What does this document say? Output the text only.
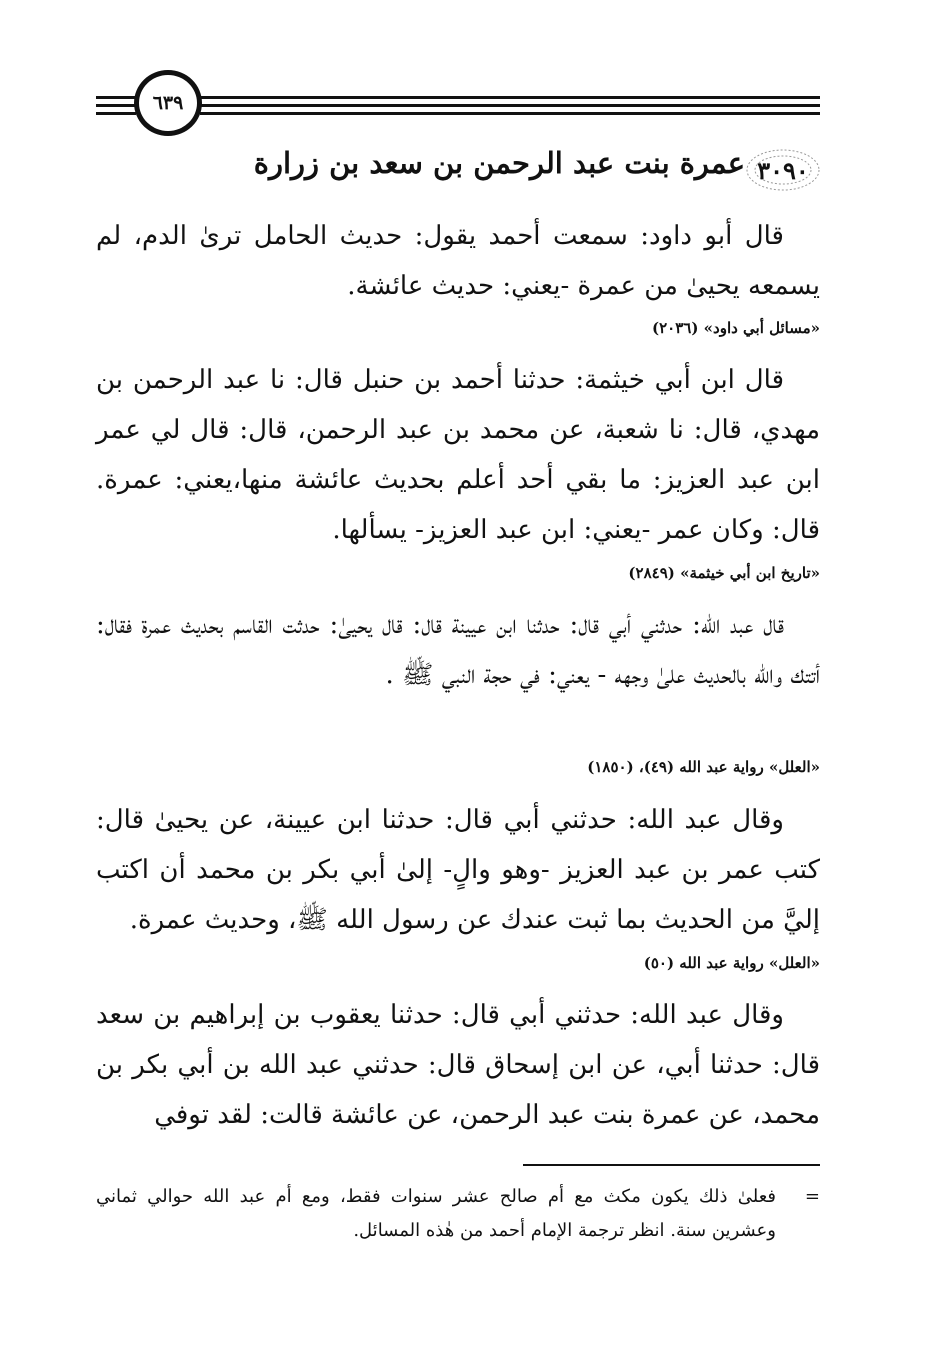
٦٣٩
٣٠٩٠
عمرة بنت عبد الرحمن بن سعد بن زرارة

قال أبو داود: سمعت أحمد يقول: حديث الحامل ترىٰ الدم، لم يسمعه يحيىٰ من عمرة -يعني: حديث عائشة.

«مسائل أبي داود» (٢٠٣٦)

قال ابن أبي خيثمة: حدثنا أحمد بن حنبل قال: نا عبد الرحمن بن مهدي، قال: نا شعبة، عن محمد بن عبد الرحمن، قال: قال لي عمر ابن عبد العزيز: ما بقي أحد أعلم بحديث عائشة منها،يعني: عمرة. قال: وكان عمر -يعني: ابن عبد العزيز- يسألها.

«تاريخ ابن أبي خيثمة» (٢٨٤٩)

قال عبد الله: حدثني أبي قال: حدثنا ابن عيينة قال: قال يحيىٰ: حدثت القاسم بحديث عمرة فقال: أتتك والله بالحديث علىٰ وجهه - يعني: في حجة النبي ﷺ .

«العلل» رواية عبد الله (٤٩)، (١٨٥٠)

وقال عبد الله: حدثني أبي قال: حدثنا ابن عيينة، عن يحيىٰ قال: كتب عمر بن عبد العزيز -وهو والٍ- إلىٰ أبي بكر بن محمد أن اكتب إليَّ من الحديث بما ثبت عندك عن رسول الله ﷺ، وحديث عمرة.

«العلل» رواية عبد الله (٥٠)

وقال عبد الله: حدثني أبي قال: حدثنا يعقوب بن إبراهيم بن سعد قال: حدثنا أبي، عن ابن إسحاق قال: حدثني عبد الله بن أبي بكر بن محمد، عن عمرة بنت عبد الرحمن، عن عائشة قالت: لقد توفي

=
فعلىٰ ذلك يكون مكث مع أم صالح عشر سنوات فقط، ومع أم عبد الله حوالي ثماني وعشرين سنة. انظر ترجمة الإمام أحمد من هٰذه المسائل.
